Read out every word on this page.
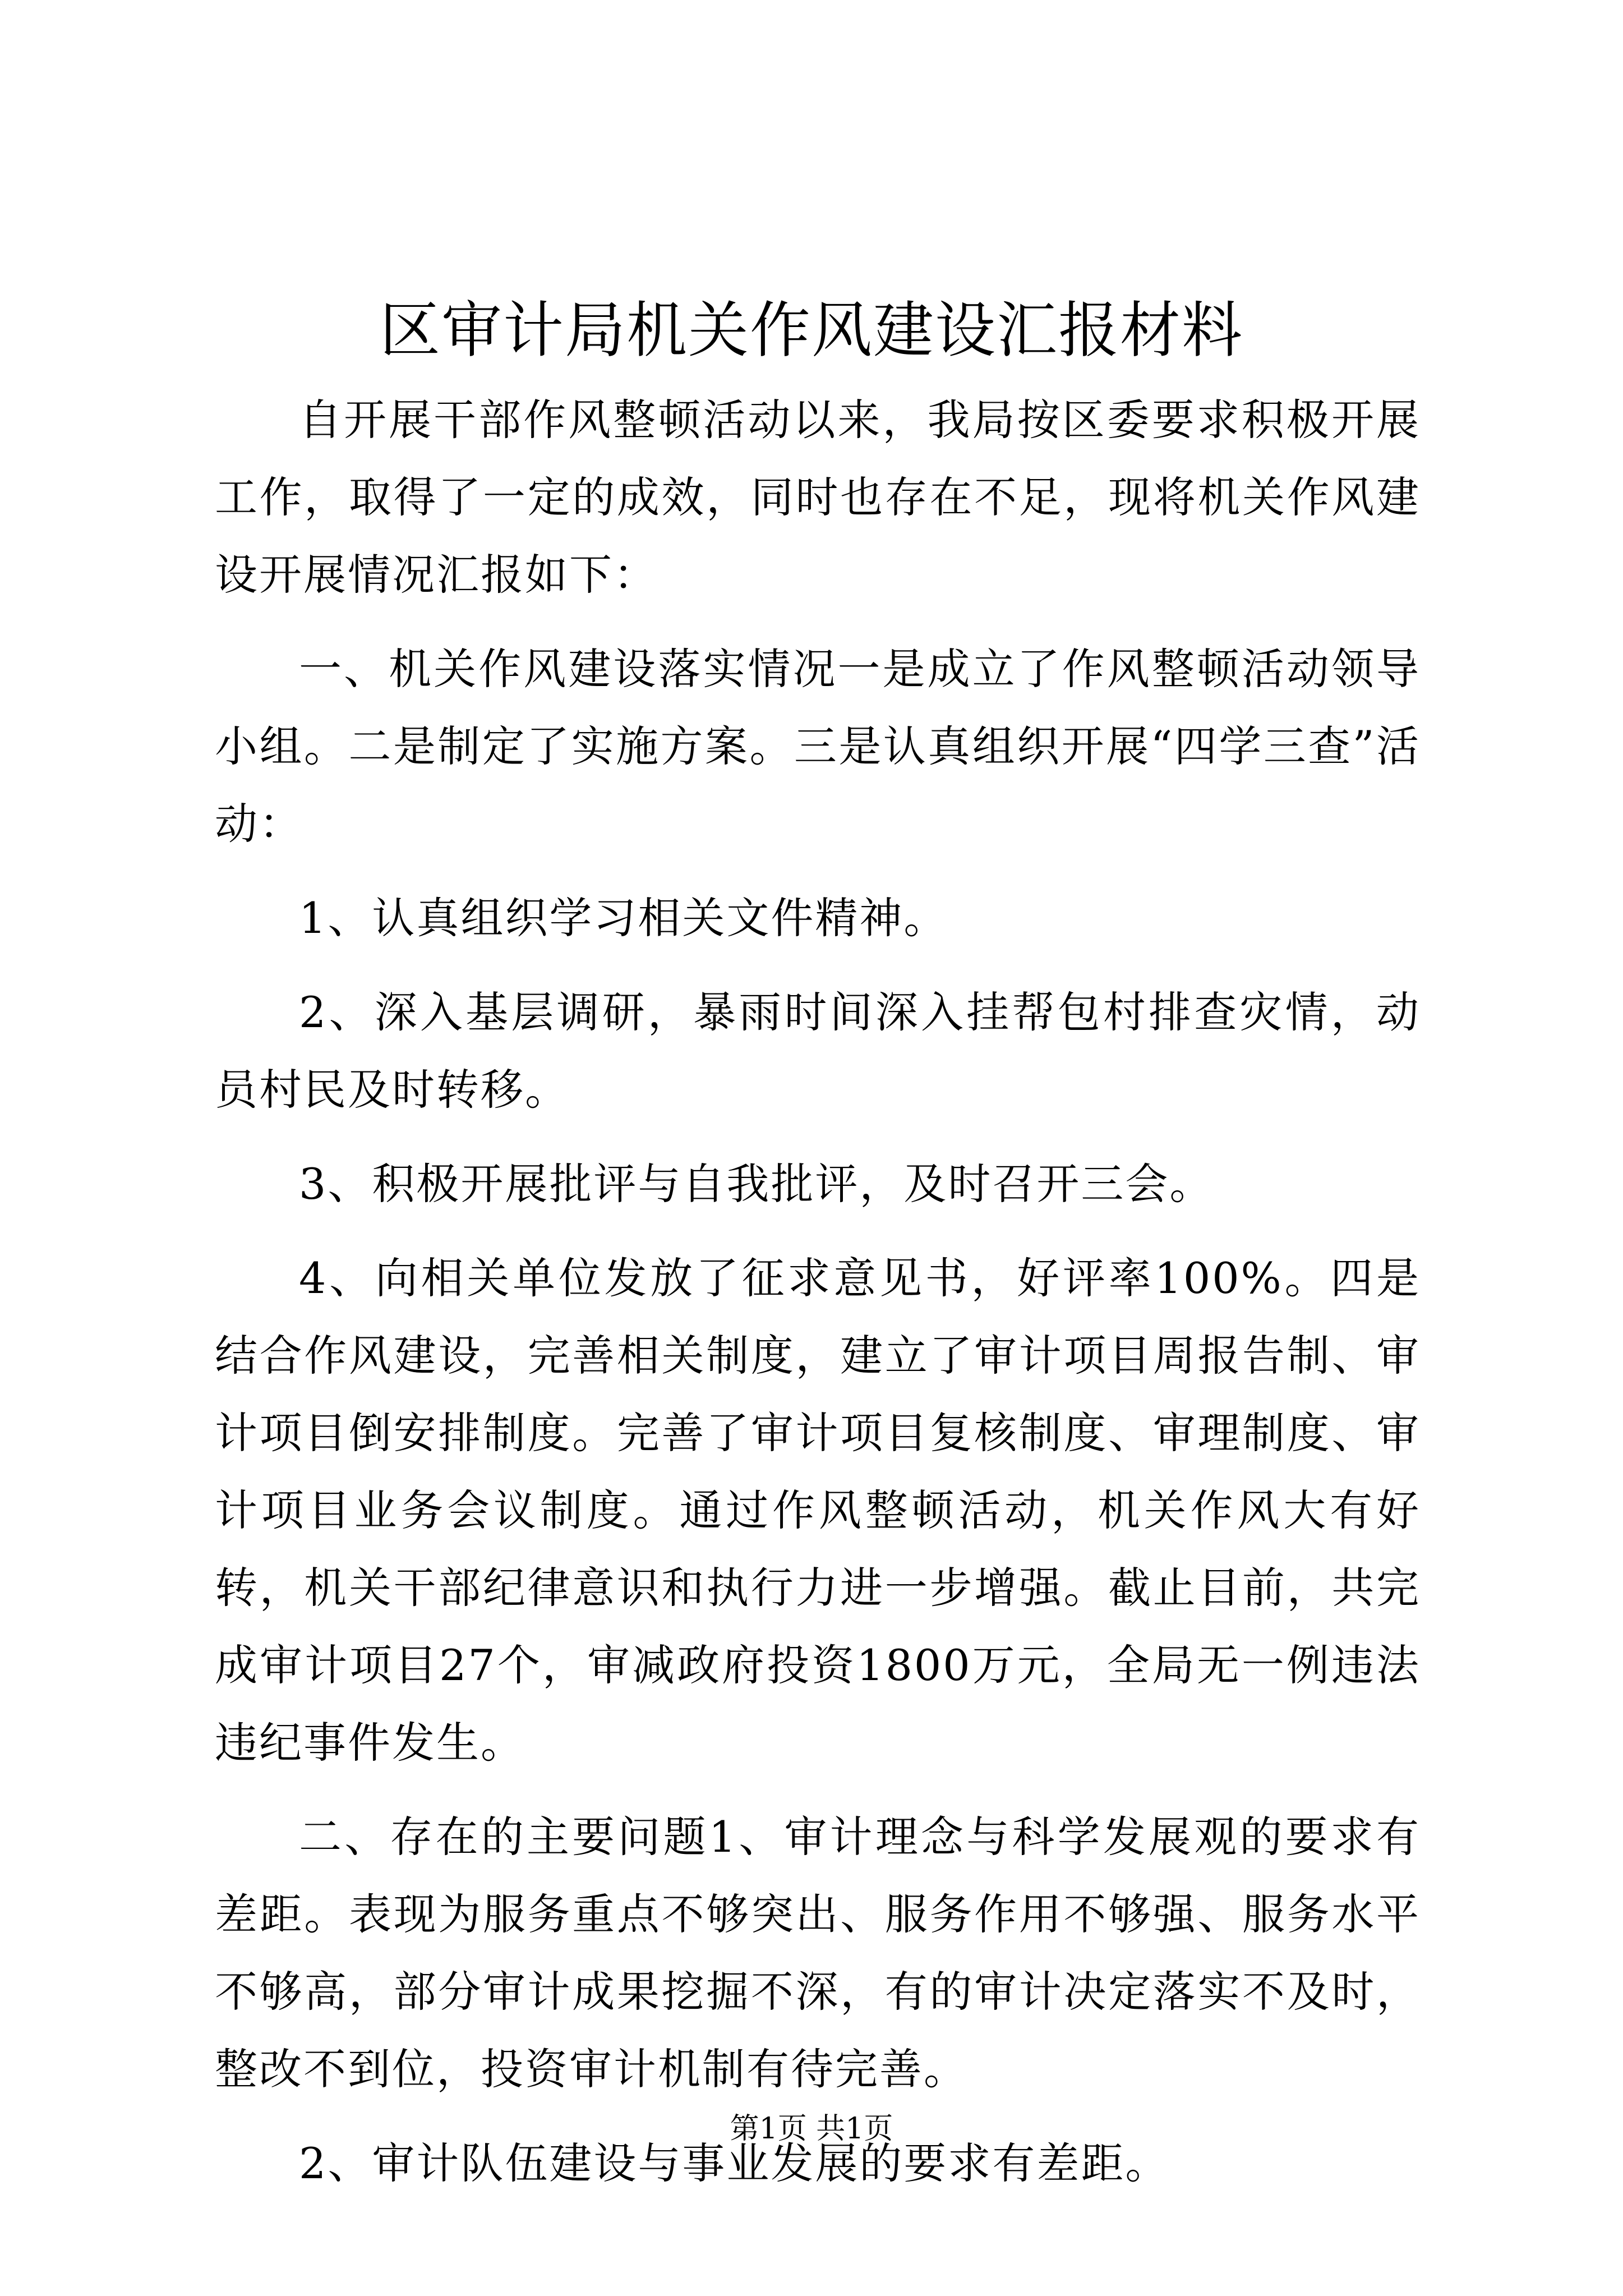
区审计局机关作风建设汇报材料

自开展干部作风整顿活动以来，我局按区委要求积极开展工作，取得了一定的成效，同时也存在不足，现将机关作风建设开展情况汇报如下：

一、机关作风建设落实情况一是成立了作风整顿活动领导小组。二是制定了实施方案。三是认真组织开展“四学三查”活动：

1、认真组织学习相关文件精神。

2、深入基层调研，暴雨时间深入挂帮包村排查灾情，动员村民及时转移。

3、积极开展批评与自我批评，及时召开三会。

4、向相关单位发放了征求意见书，好评率100%。四是结合作风建设，完善相关制度，建立了审计项目周报告制、审计项目倒安排制度。完善了审计项目复核制度、审理制度、审计项目业务会议制度。通过作风整顿活动，机关作风大有好转，机关干部纪律意识和执行力进一步增强。截止目前，共完成审计项目27个，审减政府投资1800万元，全局无一例违法违纪事件发生。

二、存在的主要问题1、审计理念与科学发展观的要求有差距。表现为服务重点不够突出、服务作用不够强、服务水平不够高，部分审计成果挖掘不深，有的审计决定落实不及时，整改不到位，投资审计机制有待完善。

2、审计队伍建设与事业发展的要求有差距。

第1页 共1页
